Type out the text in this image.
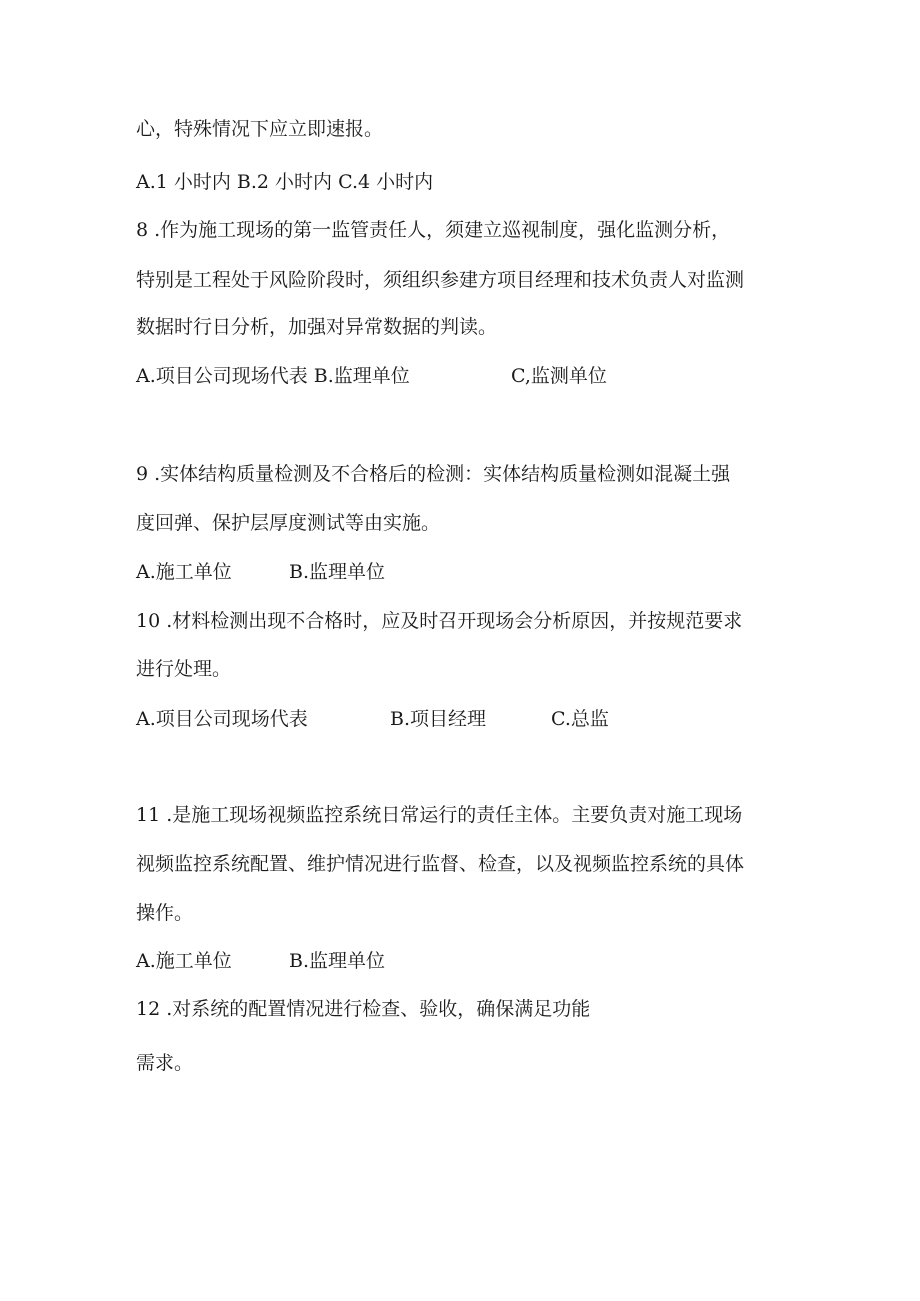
心，特殊情况下应立即速报。
A.1 小时内 B.2 小时内 C.4 小时内
8 .作为施工现场的第一监管责任人，须建立巡视制度，强化监测分析，
特别是工程处于风险阶段时，须组织参建方项目经理和技术负责人对监测
数据时行日分析，加强对异常数据的判读。
A.项目公司现场代表 B.监理单位	C,监测单位
9 .实体结构质量检测及不合格后的检测：实体结构质量检测如混凝土强
度回弹、保护层厚度测试等由实施。
A.施工单位	B.监理单位
10 .材料检测出现不合格时，应及时召开现场会分析原因，并按规范要求
进行处理。
A.项目公司现场代表	B.项目经理	C.总监
11 .是施工现场视频监控系统日常运行的责任主体。主要负责对施工现场
视频监控系统配置、维护情况进行监督、检查，以及视频监控系统的具体
操作。
A.施工单位	B.监理单位
12 .对系统的配置情况进行检查、验收，确保满足功能
需求。
